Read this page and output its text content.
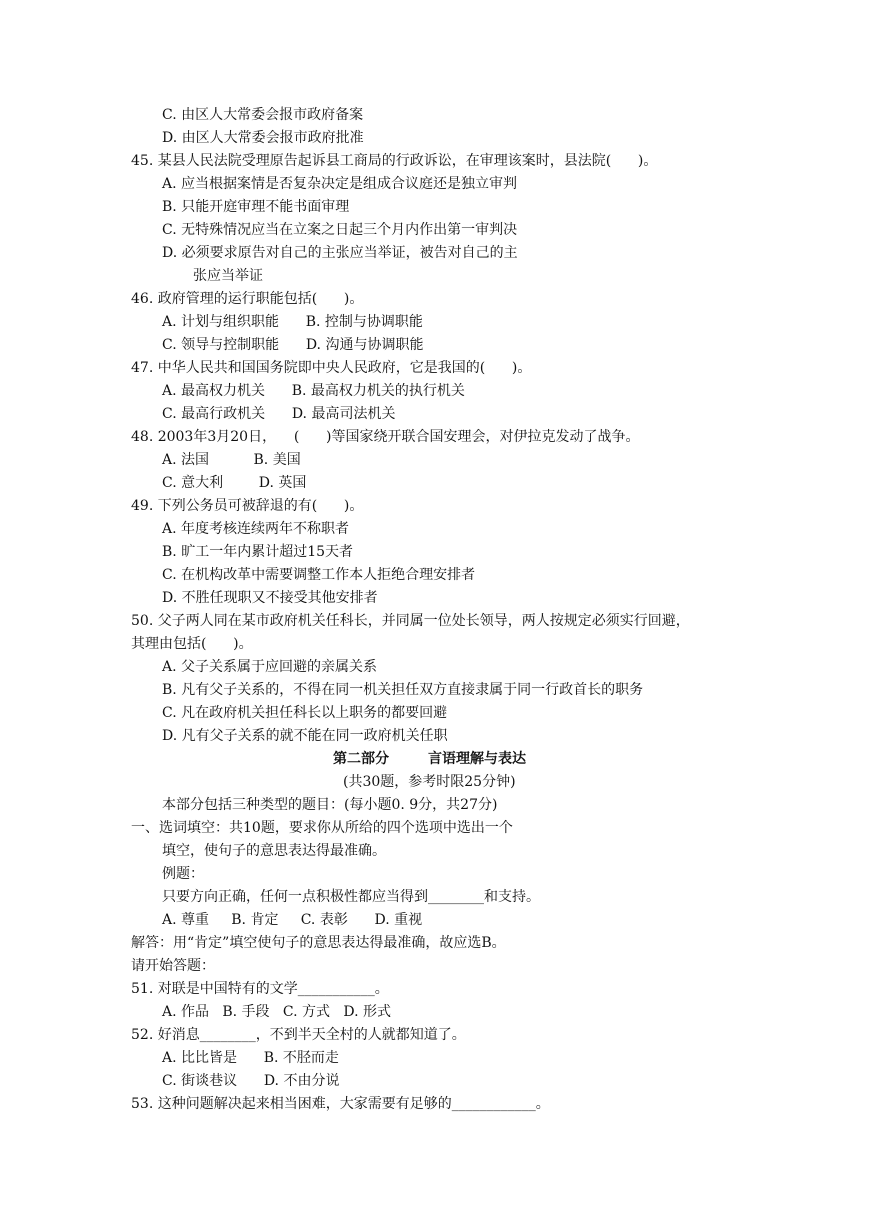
C. 由区人大常委会报市政府备案
D. 由区人大常委会报市政府批准
45. 某县人民法院受理原告起诉县工商局的行政诉讼，在审理该案时，县法院(      )。
A. 应当根据案情是否复杂决定是组成合议庭还是独立审判
B. 只能开庭审理不能书面审理
C. 无特殊情况应当在立案之日起三个月内作出第一审判决
D. 必须要求原告对自己的主张应当举证，被告对自己的主
张应当举证
46. 政府管理的运行职能包括(      )。
A. 计划与组织职能      B. 控制与协调职能
C. 领导与控制职能      D. 沟通与协调职能
47. 中华人民共和国国务院即中央人民政府，它是我国的(      )。
A. 最高权力机关      B. 最高权力机关的执行机关
C. 最高行政机关      D. 最高司法机关
48. 2003年3月20日，    (      )等国家绕开联合国安理会，对伊拉克发动了战争。
A. 法国          B. 美国
C. 意大利        D. 英国
49. 下列公务员可被辞退的有(      )。
A. 年度考核连续两年不称职者
B. 旷工一年内累计超过15天者
C. 在机构改革中需要调整工作本人拒绝合理安排者
D. 不胜任现职又不接受其他安排者
50. 父子两人同在某市政府机关任科长，并同属一位处长领导，两人按规定必须实行回避，
其理由包括(      )。
A. 父子关系属于应回避的亲属关系
B. 凡有父子关系的，不得在同一机关担任双方直接隶属于同一行政首长的职务
C. 凡在政府机关担任科长以上职务的都要回避
D. 凡有父子关系的就不能在同一政府机关任职
第二部分        言语理解与表达
(共30题，参考时限25分钟)
本部分包括三种类型的题目：(每小题0. 9分，共27分)
一、选词填空：共10题，要求你从所给的四个选项中选出一个
填空，使句子的意思表达得最准确。
例题：
只要方向正确，任何一点积极性都应当得到________和支持。
A. 尊重     B. 肯定     C. 表彰      D. 重视
解答：用“肯定”填空使句子的意思表达得最准确，故应选B。
请开始答题：
51. 对联是中国特有的文学___________。
A. 作品   B. 手段   C. 方式   D. 形式
52. 好消息________，不到半天全村的人就都知道了。
A. 比比皆是      B. 不胫而走
C. 街谈巷议      D. 不由分说
53. 这种问题解决起来相当困难，大家需要有足够的____________。
